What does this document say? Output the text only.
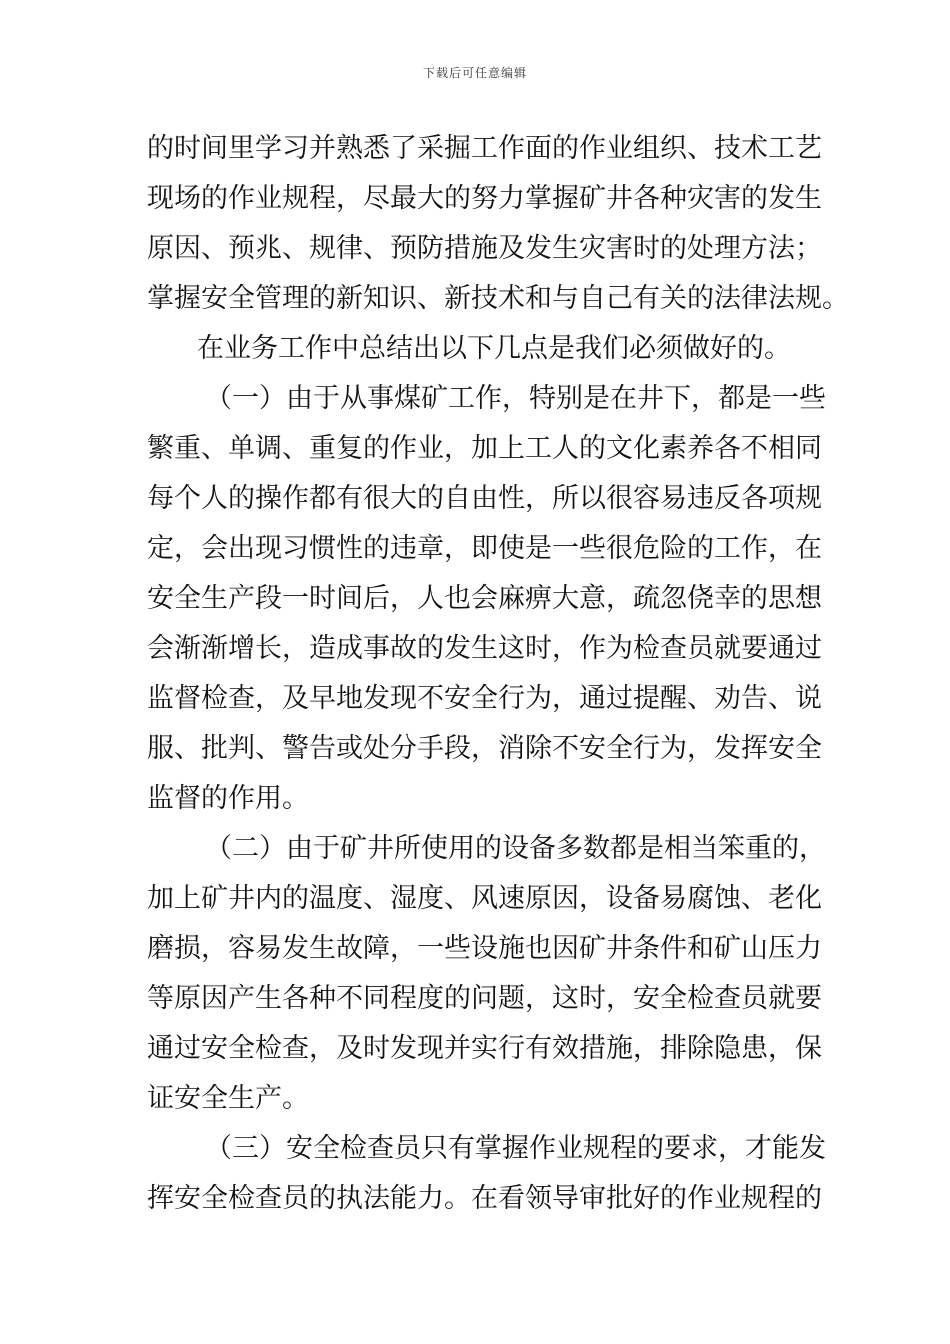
下载后可任意编辑
的时间里学习并熟悉了采掘工作面的作业组织、技术工艺
现场的作业规程，尽最大的努力掌握矿井各种灾害的发生
原因、预兆、规律、预防措施及发生灾害时的处理方法；
掌握安全管理的新知识、新技术和与自己有关的法律法规。
在业务工作中总结出以下几点是我们必须做好的。
（一）由于从事煤矿工作，特别是在井下，都是一些
繁重、单调、重复的作业，加上工人的文化素养各不相同
每个人的操作都有很大的自由性，所以很容易违反各项规
定，会出现习惯性的违章，即使是一些很危险的工作，在
安全生产段一时间后，人也会麻痹大意，疏忽侥幸的思想
会渐渐增长，造成事故的发生这时，作为检查员就要通过
监督检查，及早地发现不安全行为，通过提醒、劝告、说
服、批判、警告或处分手段，消除不安全行为，发挥安全
监督的作用。
（二）由于矿井所使用的设备多数都是相当笨重的，
加上矿井内的温度、湿度、风速原因，设备易腐蚀、老化
磨损，容易发生故障，一些设施也因矿井条件和矿山压力
等原因产生各种不同程度的问题，这时，安全检查员就要
通过安全检查，及时发现并实行有效措施，排除隐患，保
证安全生产。
（三）安全检查员只有掌握作业规程的要求，才能发
挥安全检查员的执法能力。在看领导审批好的作业规程的
